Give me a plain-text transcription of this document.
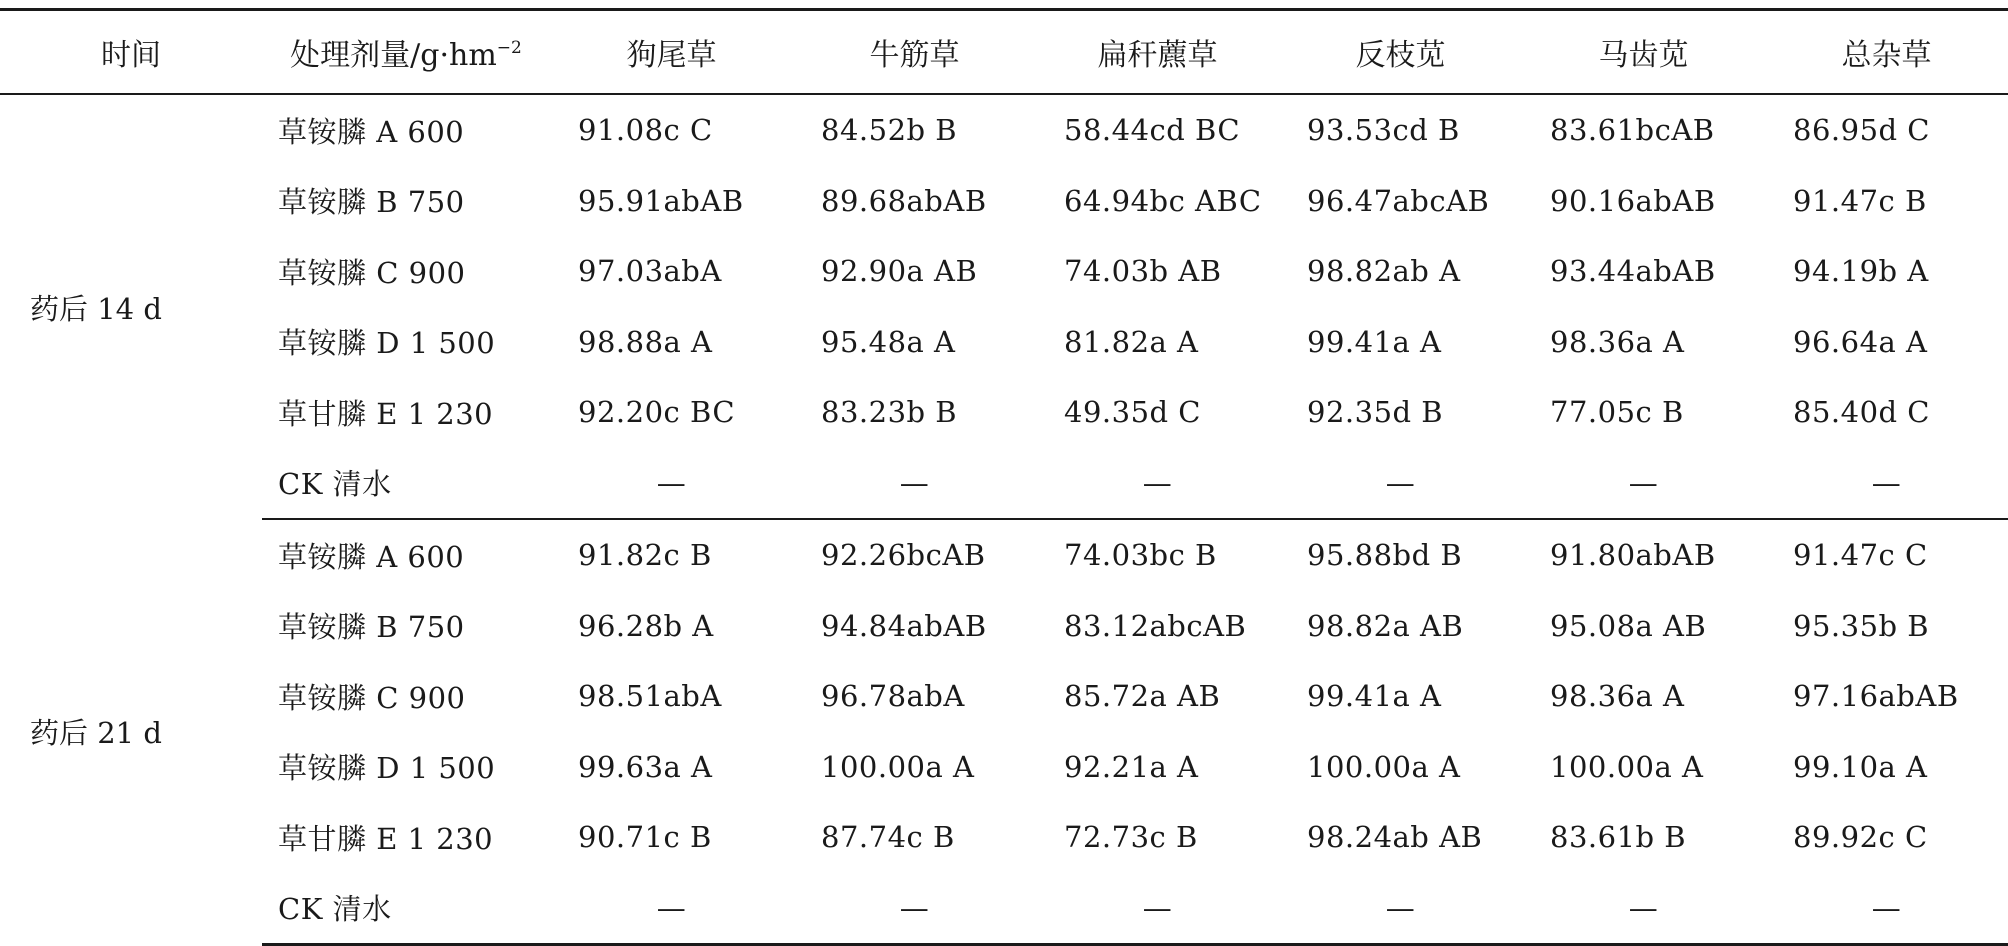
时间	处理剂量$/g\cdot hm^{-2}$	狗尾草	牛筋草	扁秆藨草	反枝苋	马齿苋	总杂草
药后 14 d	草铵膦 A 600	91.08c C	84.52b B	58.44cd BC	93.53cd B	83.61bcAB	86.95d C
	草铵膦 B 750	95.91abAB	89.68abAB	64.94bc ABC	96.47abcAB	90.16abAB	91.47c B
	草铵膦 C 900	97.03abA	92.90a AB	74.03b AB	98.82ab A	93.44abAB	94.19b A
	草铵膦 D 1 500	98.88a A	95.48a A	81.82a A	99.41a A	98.36a A	96.64a A
	草甘膦 E 1 230	92.20c BC	83.23b B	49.35d C	92.35d B	77.05c B	85.40d C
	CK 清水	—	—	—	—	—	—
药后 21 d	草铵膦 A 600	91.82c B	92.26bcAB	74.03bc B	95.88bd B	91.80abAB	91.47c C
	草铵膦 B 750	96.28b A	94.84abAB	83.12abcAB	98.82a AB	95.08a AB	95.35b B
	草铵膦 C 900	98.51abA	96.78abA	85.72a AB	99.41a A	98.36a A	97.16abAB
	草铵膦 D 1 500	99.63a A	100.00a A	92.21a A	100.00a A	100.00a A	99.10a A
	草甘膦 E 1 230	90.71c B	87.74c B	72.73c B	98.24ab AB	83.61b B	89.92c C
	CK 清水	—	—	—	—	—	—
